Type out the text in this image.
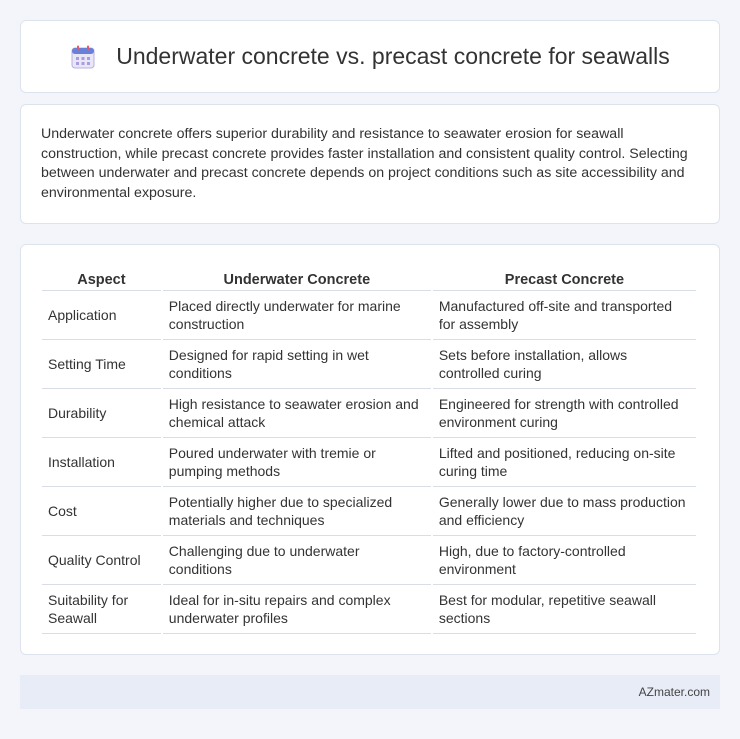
Underwater concrete vs. precast concrete for seawalls

Underwater concrete offers superior durability and resistance to seawater erosion for seawall construction, while precast concrete provides faster installation and consistent quality control. Selecting between underwater and precast concrete depends on project conditions such as site accessibility and environmental exposure.

Aspect	Underwater Concrete	Precast Concrete
Application	Placed directly underwater for marine construction	Manufactured off-site and transported for assembly
Setting Time	Designed for rapid setting in wet conditions	Sets before installation, allows controlled curing
Durability	High resistance to seawater erosion and chemical attack	Engineered for strength with controlled environment curing
Installation	Poured underwater with tremie or pumping methods	Lifted and positioned, reducing on-site curing time
Cost	Potentially higher due to specialized materials and techniques	Generally lower due to mass production and efficiency
Quality Control	Challenging due to underwater conditions	High, due to factory-controlled environment
Suitability for Seawall	Ideal for in-situ repairs and complex underwater profiles	Best for modular, repetitive seawall sections
AZmater.com
